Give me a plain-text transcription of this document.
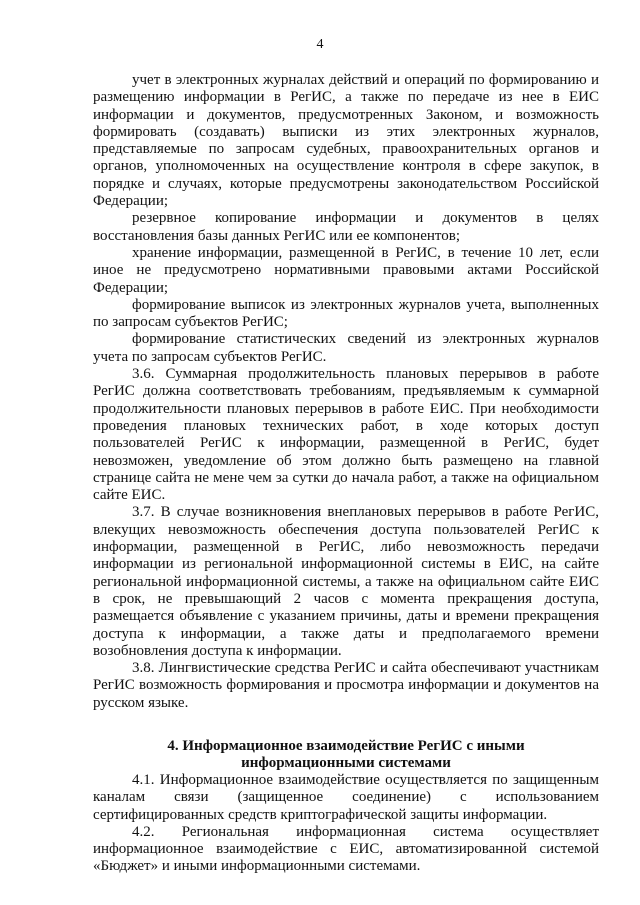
4

учет в электронных журналах действий и операций по формированию и размещению информации в РегИС, а также по передаче из нее в ЕИС информации и документов, предусмотренных Законом, и возможность формировать (создавать) выписки из этих электронных журналов, представляемые по запросам судебных, правоохранительных органов и органов, уполномоченных на осуществление контроля в сфере закупок, в порядке и случаях, которые предусмотрены законодательством Российской Федерации;

резервное копирование информации и документов в целях восстановления базы данных РегИС или ее компонентов;

хранение информации, размещенной в РегИС, в течение 10 лет, если иное не предусмотрено нормативными правовыми актами Российской Федерации;

формирование выписок из электронных журналов учета, выполненных по запросам субъектов РегИС;

формирование статистических сведений из электронных журналов учета по запросам субъектов РегИС.

3.6. Суммарная продолжительность плановых перерывов в работе РегИС должна соответствовать требованиям, предъявляемым к суммарной продолжительности плановых перерывов в работе ЕИС. При необходимости проведения плановых технических работ, в ходе которых доступ пользователей РегИС к информации, размещенной в РегИС, будет невозможен, уведомление об этом должно быть размещено на главной странице сайта не мене чем за сутки до начала работ, а также на официальном сайте ЕИС.

3.7. В случае возникновения внеплановых перерывов в работе РегИС, влекущих невозможность обеспечения доступа пользователей РегИС к информации, размещенной в РегИС, либо невозможность передачи информации из региональной информационной системы в ЕИС, на сайте региональной информационной системы, а также на официальном сайте ЕИС в срок, не превышающий 2 часов с момента прекращения доступа, размещается объявление с указанием причины, даты и времени прекращения доступа к информации, а также даты и предполагаемого времени возобновления доступа к информации.

3.8. Лингвистические средства РегИС и сайта обеспечивают участникам РегИС возможность формирования и просмотра информации и документов на русском языке.

4. Информационное взаимодействие РегИС с иными информационными системами

4.1. Информационное взаимодействие осуществляется по защищенным каналам связи (защищенное соединение) с использованием сертифицированных средств криптографической защиты информации.

4.2. Региональная информационная система осуществляет информационное взаимодействие с ЕИС, автоматизированной системой «Бюджет» и иными информационными системами.
